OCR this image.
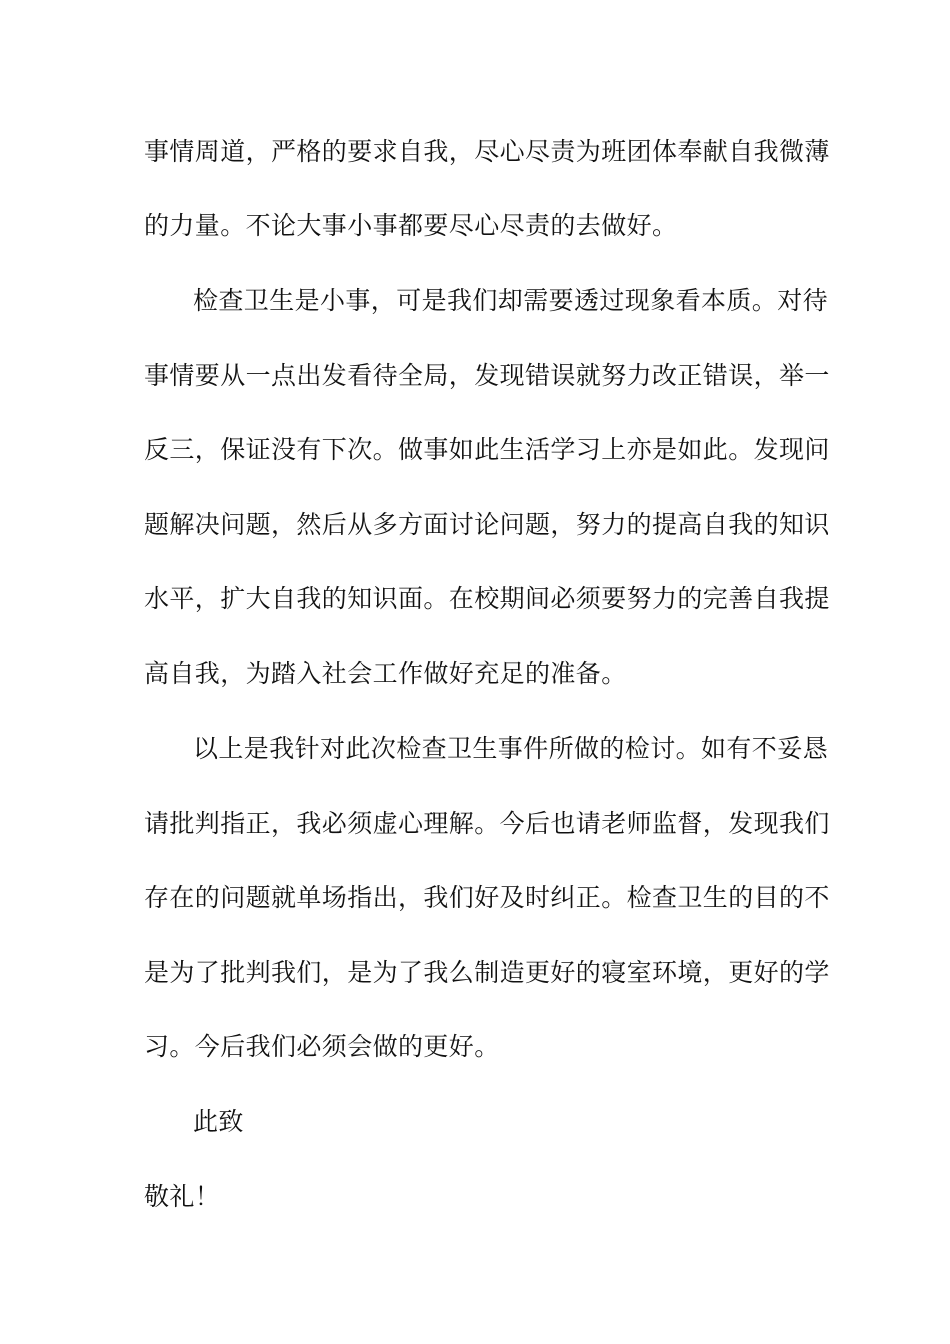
事情周道，严格的要求自我，尽心尽责为班团体奉献自我微薄
的力量。不论大事小事都要尽心尽责的去做好。
检查卫生是小事，可是我们却需要透过现象看本质。对待
事情要从一点出发看待全局，发现错误就努力改正错误，举一
反三，保证没有下次。做事如此生活学习上亦是如此。发现问
题解决问题，然后从多方面讨论问题，努力的提高自我的知识
水平，扩大自我的知识面。在校期间必须要努力的完善自我提
高自我，为踏入社会工作做好充足的准备。
以上是我针对此次检查卫生事件所做的检讨。如有不妥恳
请批判指正，我必须虚心理解。今后也请老师监督，发现我们
存在的问题就单场指出，我们好及时纠正。检查卫生的目的不
是为了批判我们，是为了我么制造更好的寝室环境，更好的学
习。今后我们必须会做的更好。
此致
敬礼！
